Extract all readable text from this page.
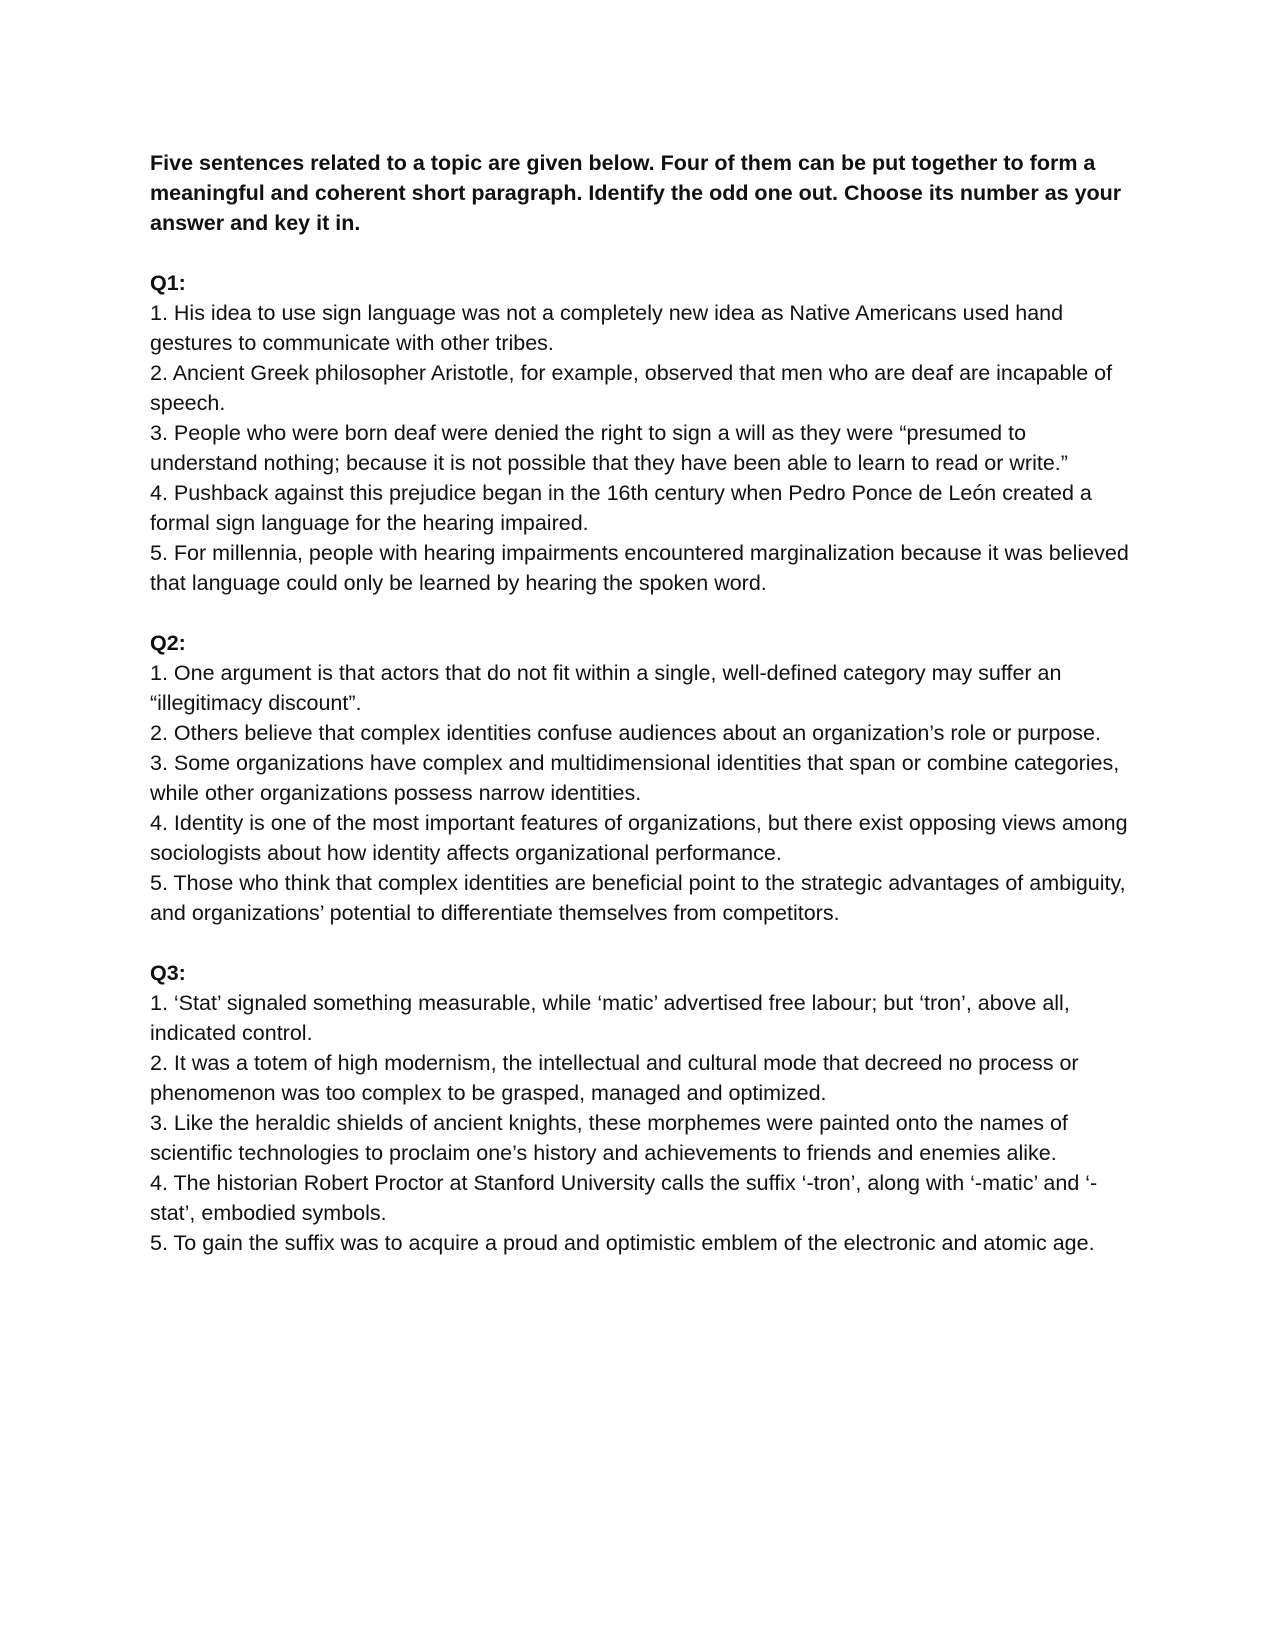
Five sentences related to a topic are given below. Four of them can be put together to form a meaningful and coherent short paragraph. Identify the odd one out. Choose its number as your answer and key it in.

Q1:
1. His idea to use sign language was not a completely new idea as Native Americans used hand gestures to communicate with other tribes.
2. Ancient Greek philosopher Aristotle, for example, observed that men who are deaf are incapable of speech.
3. People who were born deaf were denied the right to sign a will as they were “presumed to understand nothing; because it is not possible that they have been able to learn to read or write.”
4. Pushback against this prejudice began in the 16th century when Pedro Ponce de León created a formal sign language for the hearing impaired.
5. For millennia, people with hearing impairments encountered marginalization because it was believed that language could only be learned by hearing the spoken word.
Q2:
1. One argument is that actors that do not fit within a single, well-defined category may suffer an “illegitimacy discount”.
2. Others believe that complex identities confuse audiences about an organization’s role or purpose.
3. Some organizations have complex and multidimensional identities that span or combine categories, while other organizations possess narrow identities.
4. Identity is one of the most important features of organizations, but there exist opposing views among sociologists about how identity affects organizational performance.
5. Those who think that complex identities are beneficial point to the strategic advantages of ambiguity, and organizations’ potential to differentiate themselves from competitors.
Q3:
1. ‘Stat’ signaled something measurable, while ‘matic’ advertised free labour; but ‘tron’, above all, indicated control.
2. It was a totem of high modernism, the intellectual and cultural mode that decreed no process or phenomenon was too complex to be grasped, managed and optimized.
3. Like the heraldic shields of ancient knights, these morphemes were painted onto the names of scientific technologies to proclaim one’s history and achievements to friends and enemies alike.
4. The historian Robert Proctor at Stanford University calls the suffix ‘-tron’, along with ‘-matic’ and ‘-stat’, embodied symbols.
5. To gain the suffix was to acquire a proud and optimistic emblem of the electronic and atomic age.
